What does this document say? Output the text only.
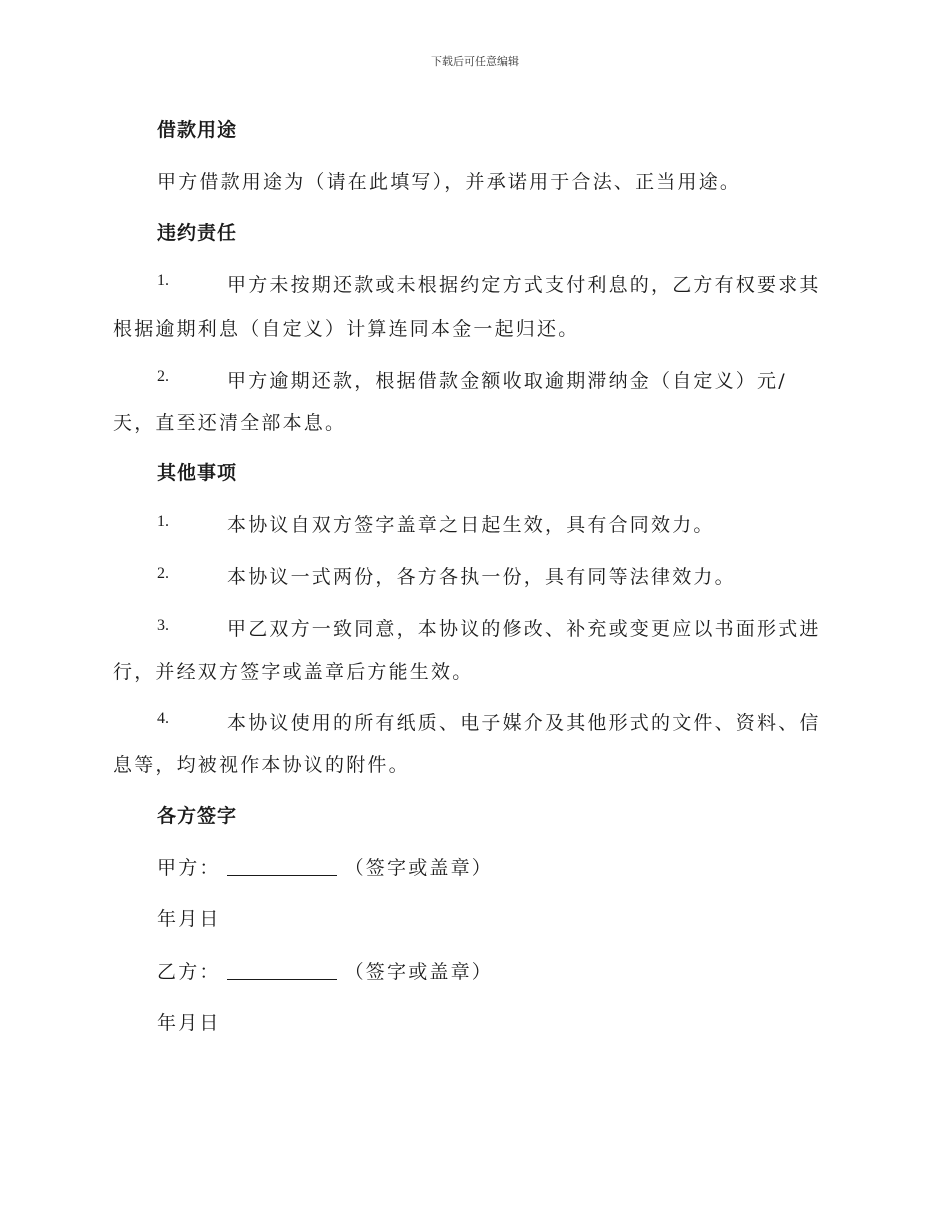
下载后可任意编辑
借款用途
甲方借款用途为（请在此填写），并承诺用于合法、正当用途。
违约责任
1.	甲方未按期还款或未根据约定方式支付利息的，乙方有权要求其
根据逾期利息（自定义）计算连同本金一起归还。
2.	甲方逾期还款，根据借款金额收取逾期滞纳金（自定义）元/
天，直至还清全部本息。
其他事项
1.	本协议自双方签字盖章之日起生效，具有合同效力。
2.	本协议一式两份，各方各执一份，具有同等法律效力。
3.	甲乙双方一致同意，本协议的修改、补充或变更应以书面形式进
行，并经双方签字或盖章后方能生效。
4.	本协议使用的所有纸质、电子媒介及其他形式的文件、资料、信
息等，均被视作本协议的附件。
各方签字
甲方：	（签字或盖章）
年月日
乙方：	（签字或盖章）
年月日
